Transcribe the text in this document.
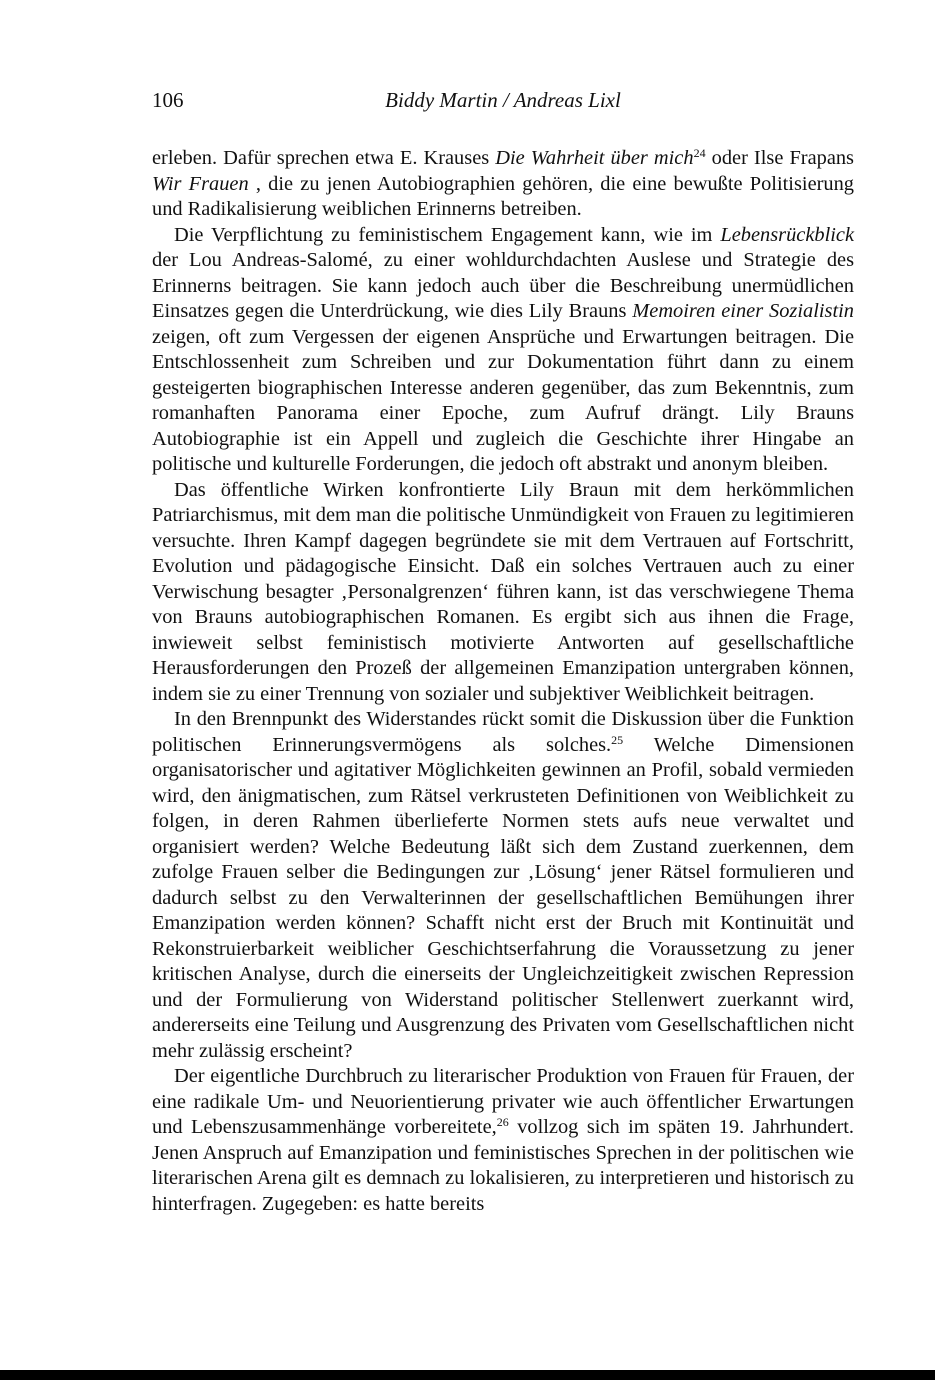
106	Biddy Martin / Andreas Lixl

erleben. Dafür sprechen etwa E. Krauses Die Wahrheit über mich$^{24}$ oder Ilse Frapans Wir Frauen , die zu jenen Autobiographien gehören, die eine bewußte Politisierung und Radikalisierung weiblichen Erinnerns betreiben.

Die Verpflichtung zu feministischem Engagement kann, wie im Lebensrückblick der Lou Andreas-Salomé, zu einer wohldurchdachten Auslese und Strategie des Erinnerns beitragen. Sie kann jedoch auch über die Beschreibung unermüdlichen Einsatzes gegen die Unterdrückung, wie dies Lily Brauns Memoiren einer Sozialistin zeigen, oft zum Vergessen der eigenen Ansprüche und Erwartungen beitragen. Die Entschlossenheit zum Schreiben und zur Dokumentation führt dann zu einem gesteigerten biographischen Interesse anderen gegenüber, das zum Bekenntnis, zum romanhaften Panorama einer Epoche, zum Aufruf drängt. Lily Brauns Autobiographie ist ein Appell und zugleich die Geschichte ihrer Hingabe an politische und kulturelle Forderungen, die jedoch oft abstrakt und anonym bleiben.

Das öffentliche Wirken konfrontierte Lily Braun mit dem herkömmlichen Patriarchismus, mit dem man die politische Unmündigkeit von Frauen zu legitimieren versuchte. Ihren Kampf dagegen begründete sie mit dem Vertrauen auf Fortschritt, Evolution und pädagogische Einsicht. Daß ein solches Vertrauen auch zu einer Verwischung besagter ‚Personalgrenzen‘ führen kann, ist das verschwiegene Thema von Brauns autobiographischen Romanen. Es ergibt sich aus ihnen die Frage, inwieweit selbst feministisch motivierte Antworten auf gesellschaftliche Herausforderungen den Prozeß der allgemeinen Emanzipation untergraben können, indem sie zu einer Trennung von sozialer und subjektiver Weiblichkeit beitragen.

In den Brennpunkt des Widerstandes rückt somit die Diskussion über die Funktion politischen Erinnerungsvermögens als solches.$^{25}$ Welche Dimensionen organisatorischer und agitativer Möglichkeiten gewinnen an Profil, sobald vermieden wird, den änigmatischen, zum Rätsel verkrusteten Definitionen von Weiblichkeit zu folgen, in deren Rahmen überlieferte Normen stets aufs neue verwaltet und organisiert werden? Welche Bedeutung läßt sich dem Zustand zuerkennen, dem zufolge Frauen selber die Bedingungen zur ‚Lösung‘ jener Rätsel formulieren und dadurch selbst zu den Verwalterinnen der gesellschaftlichen Bemühungen ihrer Emanzipation werden können? Schafft nicht erst der Bruch mit Kontinuität und Rekonstruierbarkeit weiblicher Geschichtserfahrung die Voraussetzung zu jener kritischen Analyse, durch die einerseits der Ungleichzeitigkeit zwischen Repression und der Formulierung von Widerstand politischer Stellenwert zuerkannt wird, andererseits eine Teilung und Ausgrenzung des Privaten vom Gesellschaftlichen nicht mehr zulässig erscheint?

Der eigentliche Durchbruch zu literarischer Produktion von Frauen für Frauen, der eine radikale Um- und Neuorientierung privater wie auch öffentlicher Erwartungen und Lebenszusammenhänge vorbereitete,$^{26}$ vollzog sich im späten 19. Jahrhundert. Jenen Anspruch auf Emanzipation und feministisches Sprechen in der politischen wie literarischen Arena gilt es demnach zu lokalisieren, zu interpretieren und historisch zu hinterfragen. Zugegeben: es hatte bereits
